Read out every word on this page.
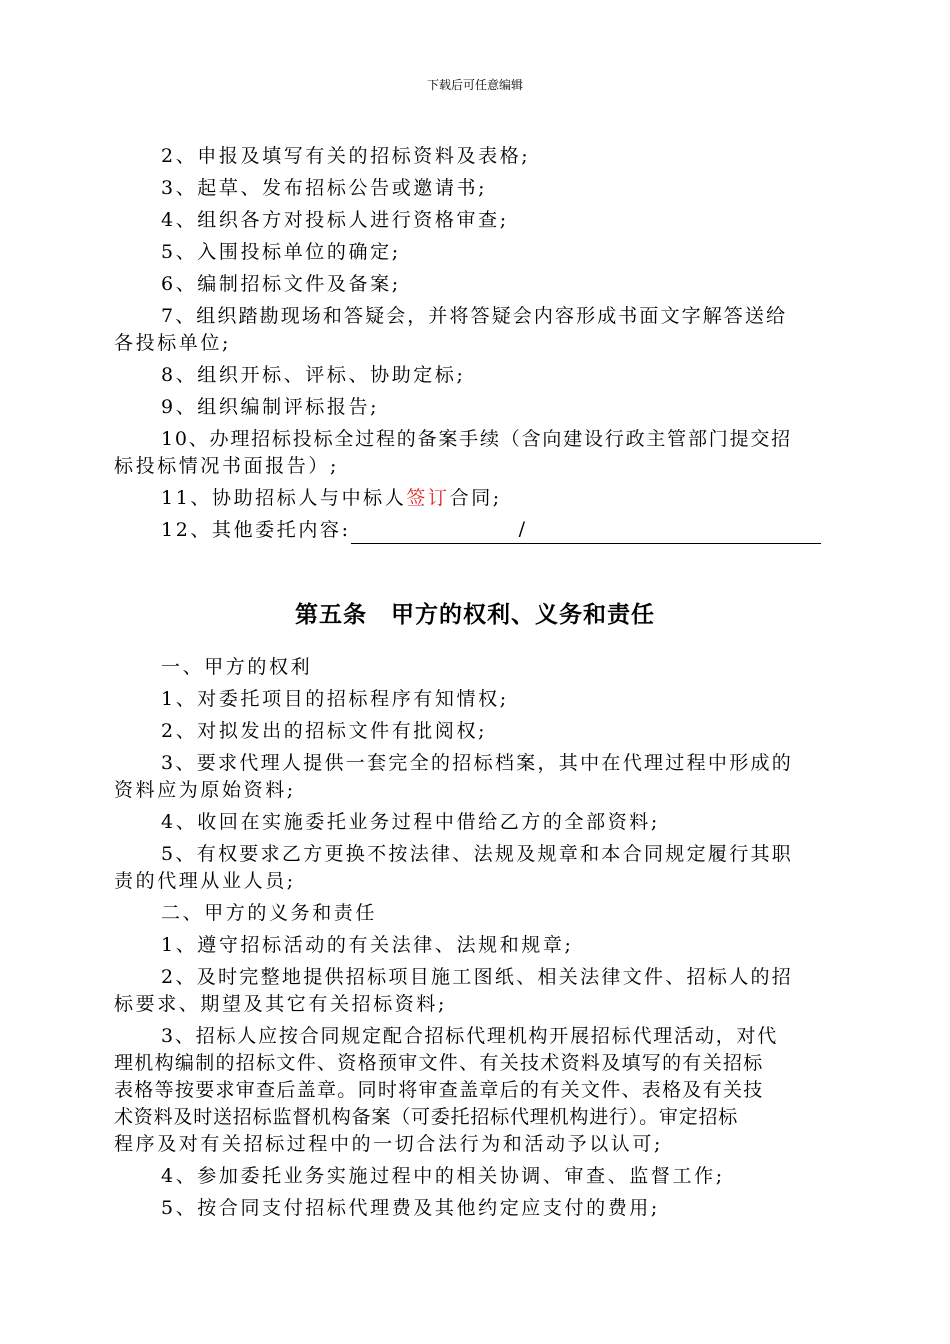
下载后可任意编辑

2、申报及填写有关的招标资料及表格;

3、起草、发布招标公告或邀请书;

4、组织各方对投标人进行资格审查;

5、入围投标单位的确定;

6、编制招标文件及备案;

7、组织踏勘现场和答疑会，并将答疑会内容形成书面文字解答送给

各投标单位;

8、组织开标、评标、协助定标;

9、组织编制评标报告;

10、办理招标投标全过程的备案手续（含向建设行政主管部门提交招

标投标情况书面报告）;

11、协助招标人与中标人签订合同;

12、其他委托内容:	/

第五条　甲方的权利、义务和责任

一、甲方的权利

1、对委托项目的招标程序有知情权;

2、对拟发出的招标文件有批阅权;

3、要求代理人提供一套完全的招标档案，其中在代理过程中形成的

资料应为原始资料;

4、收回在实施委托业务过程中借给乙方的全部资料;

5、有权要求乙方更换不按法律、法规及规章和本合同规定履行其职

责的代理从业人员;

二、甲方的义务和责任

1、遵守招标活动的有关法律、法规和规章;

2、及时完整地提供招标项目施工图纸、相关法律文件、招标人的招

标要求、期望及其它有关招标资料;

3、招标人应按合同规定配合招标代理机构开展招标代理活动，对代

理机构编制的招标文件、资格预审文件、有关技术资料及填写的有关招标

表格等按要求审查后盖章。同时将审查盖章后的有关文件、表格及有关技

术资料及时送招标监督机构备案（可委托招标代理机构进行）。审定招标

程序及对有关招标过程中的一切合法行为和活动予以认可;

4、参加委托业务实施过程中的相关协调、审查、监督工作;

5、按合同支付招标代理费及其他约定应支付的费用;
